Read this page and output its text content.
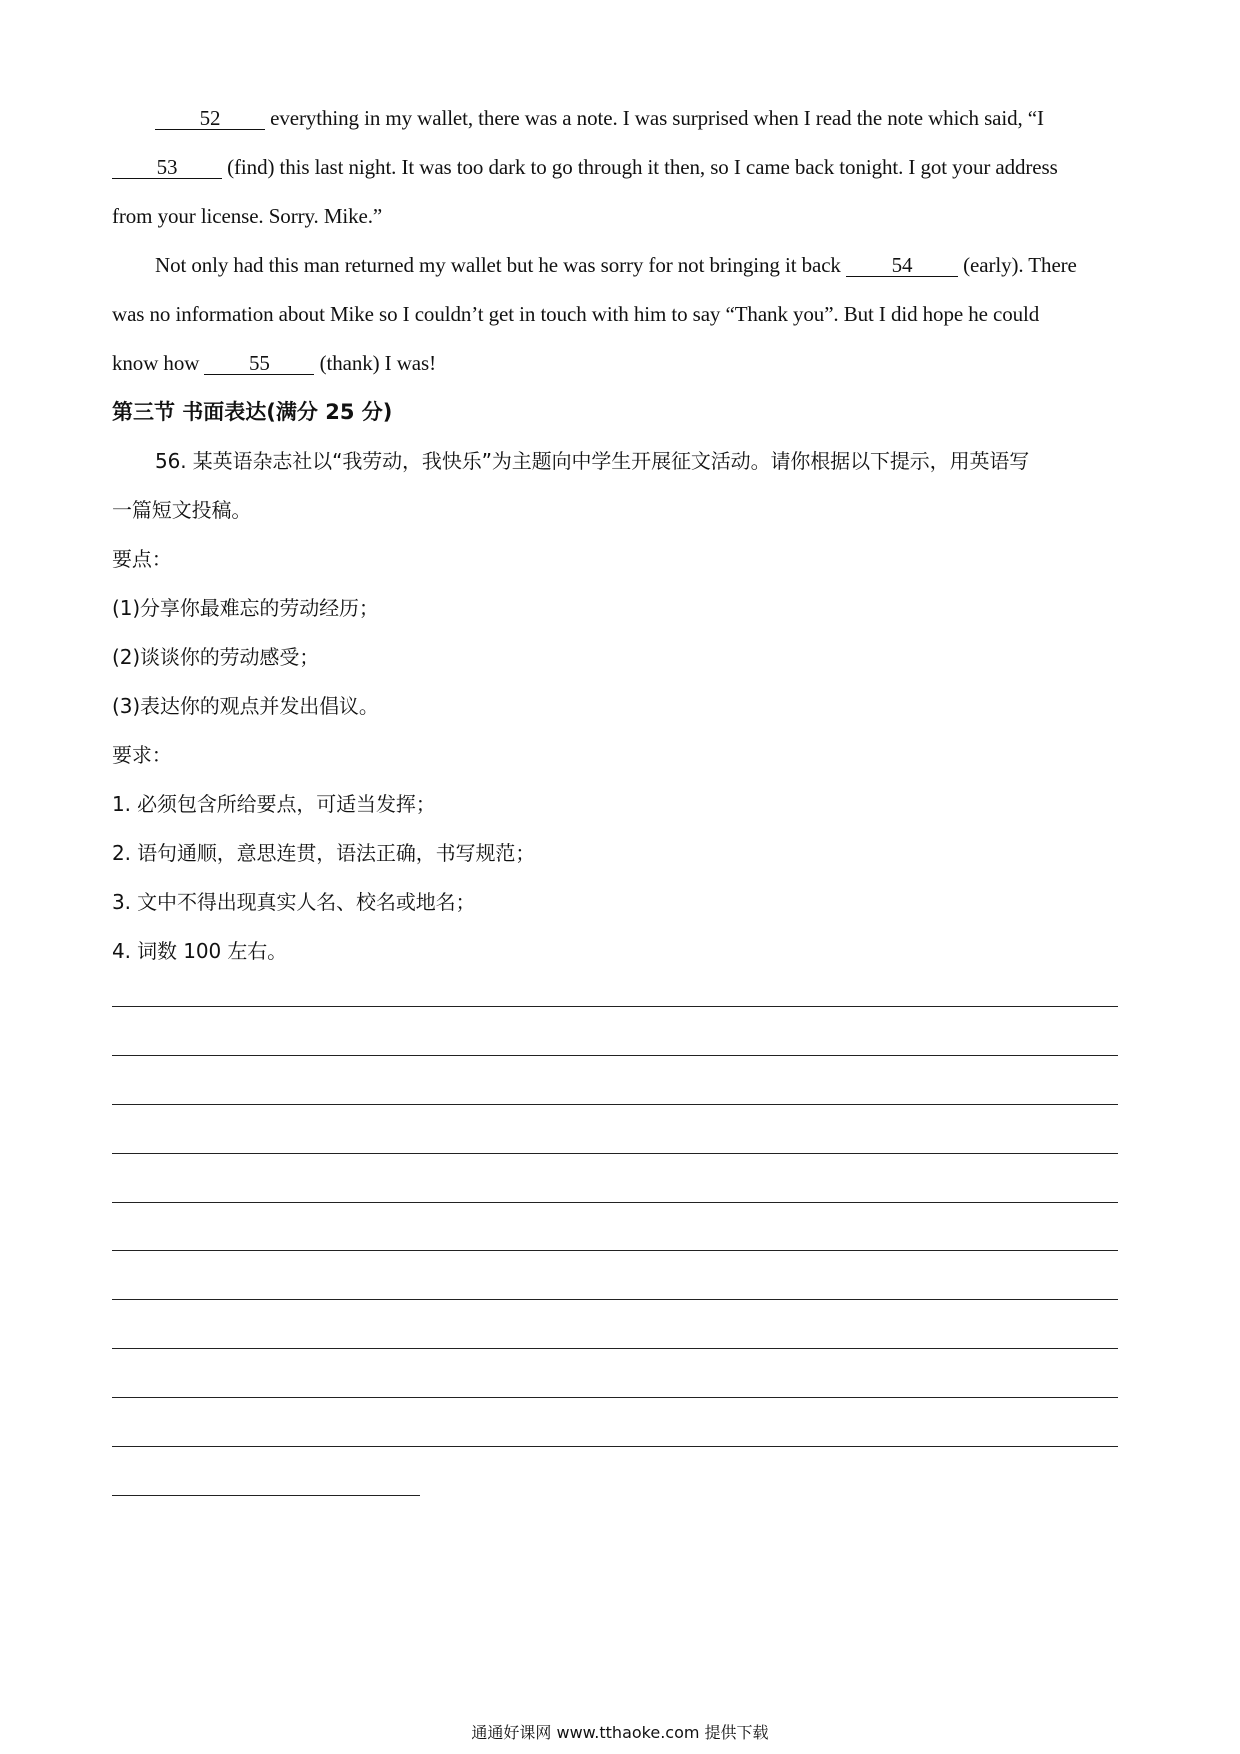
52 everything in my wallet, there was a note. I was surprised when I read the note which said, “I
53 (find) this last night. It was too dark to go through it then, so I came back tonight. I got your address
from your license. Sorry. Mike.”
Not only had this man returned my wallet but he was sorry for not bringing it back 54 (early). There
was no information about Mike so I couldn’t get in touch with him to say “Thank you”. But I did hope he could
know how 55 (thank) I was!
第三节 书面表达(满分 25 分)
56. 某英语杂志社以“我劳动，我快乐”为主题向中学生开展征文活动。请你根据以下提示，用英语写
一篇短文投稿。
要点：
(1)分享你最难忘的劳动经历；
(2)谈谈你的劳动感受；
(3)表达你的观点并发出倡议。
要求：
1. 必须包含所给要点，可适当发挥；
2. 语句通顺，意思连贯，语法正确，书写规范；
3. 文中不得出现真实人名、校名或地名；
4. 词数 100 左右。
通通好课网 www.tthaoke.com 提供下载
